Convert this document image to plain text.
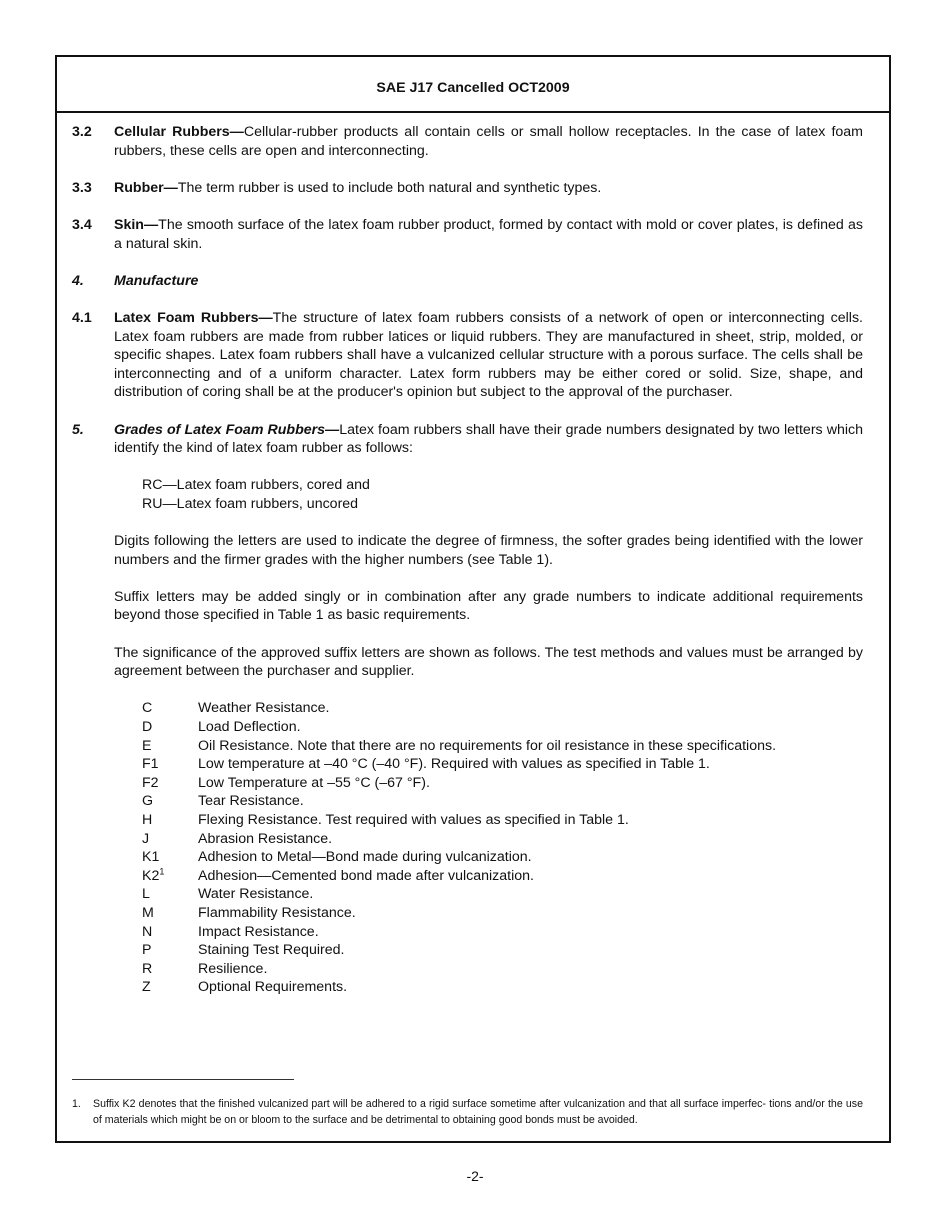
SAE J17 Cancelled OCT2009
3.2	Cellular Rubbers—Cellular-rubber products all contain cells or small hollow receptacles. In the case of latex foam rubbers, these cells are open and interconnecting.
3.3	Rubber—The term rubber is used to include both natural and synthetic types.
3.4	Skin—The smooth surface of the latex foam rubber product, formed by contact with mold or cover plates, is defined as a natural skin.
4.	Manufacture
4.1	Latex Foam Rubbers—The structure of latex foam rubbers consists of a network of open or interconnecting cells. Latex foam rubbers are made from rubber latices or liquid rubbers. They are manufactured in sheet, strip, molded, or specific shapes. Latex foam rubbers shall have a vulcanized cellular structure with a porous surface. The cells shall be interconnecting and of a uniform character. Latex form rubbers may be either cored or solid. Size, shape, and distribution of coring shall be at the producer's opinion but subject to the approval of the purchaser.
5.	Grades of Latex Foam Rubbers—Latex foam rubbers shall have their grade numbers designated by two letters which identify the kind of latex foam rubber as follows:
RC—Latex foam rubbers, cored and
RU—Latex foam rubbers, uncored
Digits following the letters are used to indicate the degree of firmness, the softer grades being identified with the lower numbers and the firmer grades with the higher numbers (see Table 1).
Suffix letters may be added singly or in combination after any grade numbers to indicate additional requirements beyond those specified in Table 1 as basic requirements.
The significance of the approved suffix letters are shown as follows. The test methods and values must be arranged by agreement between the purchaser and supplier.
C	Weather Resistance.
D	Load Deflection.
E	Oil Resistance. Note that there are no requirements for oil resistance in these specifications.
F1	Low temperature at –40 °C (–40 °F). Required with values as specified in Table 1.
F2	Low Temperature at –55 °C (–67 °F).
G	Tear Resistance.
H	Flexing Resistance. Test required with values as specified in Table 1.
J	Abrasion Resistance.
K1	Adhesion to Metal—Bond made during vulcanization.
$K2^1$	Adhesion—Cemented bond made after vulcanization.
L	Water Resistance.
M	Flammability Resistance.
N	Impact Resistance.
P	Staining Test Required.
R	Resilience.
Z	Optional Requirements.
1.	Suffix K2 denotes that the finished vulcanized part will be adhered to a rigid surface sometime after vulcanization and that all surface imperfec- tions and/or the use of materials which might be on or bloom to the surface and be detrimental to obtaining good bonds must be avoided.
-2-
